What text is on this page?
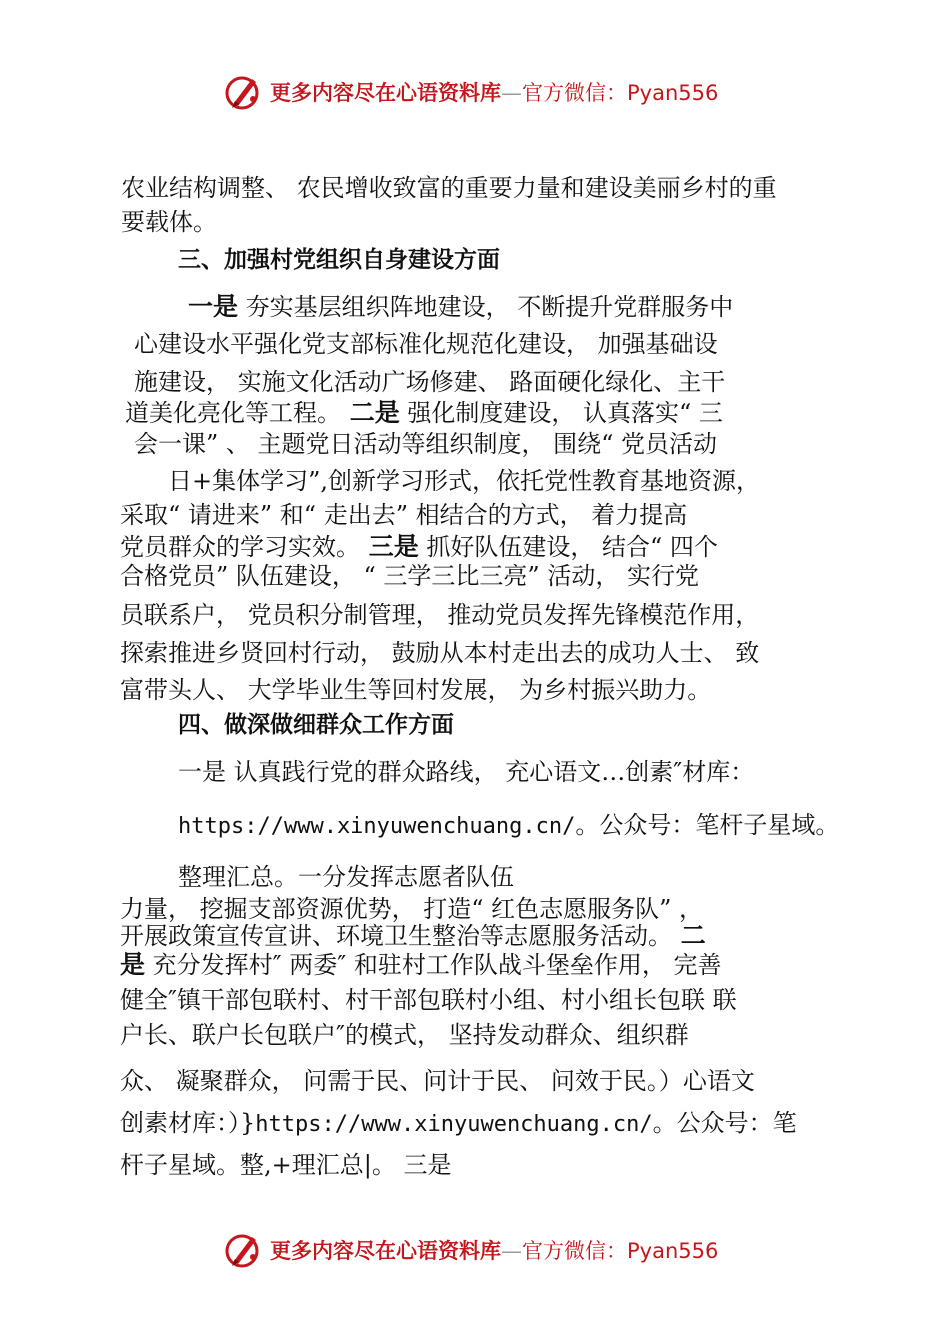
更多内容尽在心语资料库—官方微信：Pyan556
农业结构调整、 农民增收致富的重要力量和建设美丽乡村的重
要载体。
三、加强村党组织自身建设方面
一是 夯实基层组织阵地建设， 不断提升党群服务中
心建设水平强化党支部标准化规范化建设， 加强基础设
施建设， 实施文化活动广场修建、 路面硬化绿化、主干
道美化亮化等工程。 二是 强化制度建设， 认真落实“ 三
会一课” 、 主题党日活动等组织制度， 围绕“ 党员活动
日+集体学习”,创新学习形式，依托党性教育基地资源，
采取“ 请进来” 和“ 走出去” 相结合的方式， 着力提高
党员群众的学习实效。 三是 抓好队伍建设， 结合“ 四个
合格党员” 队伍建设， “ 三学三比三亮” 活动， 实行党
员联系户， 党员积分制管理， 推动党员发挥先锋模范作用，
探索推进乡贤回村行动， 鼓励从本村走出去的成功人士、 致
富带头人、 大学毕业生等回村发展， 为乡村振兴助力。
四、做深做细群众工作方面
一是 认真践行党的群众路线， 充心语文…创素″材库：
https://www.xinyuwenchuang.cn/。公众号：笔杆子星域。
整理汇总。一分发挥志愿者队伍
力量， 挖掘支部资源优势， 打造“ 红色志愿服务队” ，
开展政策宣传宣讲、环境卫生整治等志愿服务活动。 二
是 充分发挥村″ 两委″ 和驻村工作队战斗堡垒作用， 完善
健全″镇干部包联村、村干部包联村小组、村小组长包联 联
户长、联户长包联户″的模式， 坚持发动群众、组织群
众、 凝聚群众， 问需于民、问计于民、 问效于民。）心语文
创素材库：）}https://www.xinyuwenchuang.cn/。公众号：笔
杆子星域。整,+理汇总|。 三是
更多内容尽在心语资料库—官方微信：Pyan556
